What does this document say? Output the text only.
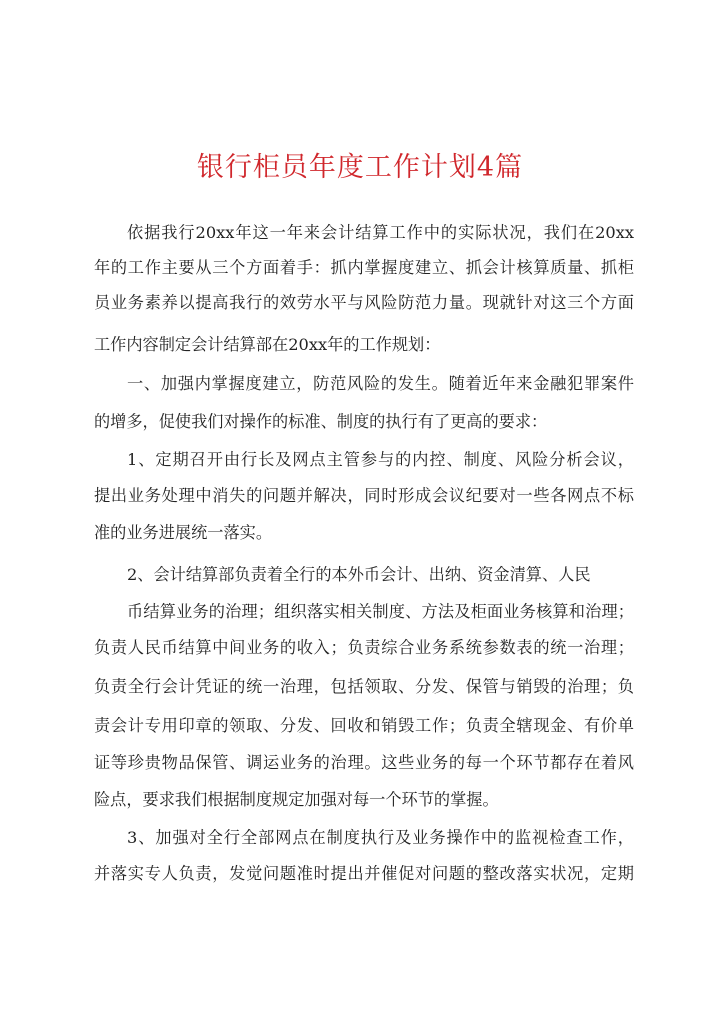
银行柜员年度工作计划4篇
依据我行20xx年这一年来会计结算工作中的实际状况，我们在20xx
年的工作主要从三个方面着手：抓内掌握度建立、抓会计核算质量、抓柜
员业务素养以提高我行的效劳水平与风险防范力量。现就针对这三个方面
工作内容制定会计结算部在20xx年的工作规划：
一、加强内掌握度建立，防范风险的发生。随着近年来金融犯罪案件
的增多，促使我们对操作的标准、制度的执行有了更高的要求：
1、定期召开由行长及网点主管参与的内控、制度、风险分析会议，
提出业务处理中消失的问题并解决，同时形成会议纪要对一些各网点不标
准的业务进展统一落实。
2、会计结算部负责着全行的本外币会计、出纳、资金清算、人民
币结算业务的治理；组织落实相关制度、方法及柜面业务核算和治理；
负责人民币结算中间业务的收入；负责综合业务系统参数表的统一治理；
负责全行会计凭证的统一治理，包括领取、分发、保管与销毁的治理；负
责会计专用印章的领取、分发、回收和销毁工作；负责全辖现金、有价单
证等珍贵物品保管、调运业务的治理。这些业务的每一个环节都存在着风
险点，要求我们根据制度规定加强对每一个环节的掌握。
3、加强对全行全部网点在制度执行及业务操作中的监视检查工作，
并落实专人负责，发觉问题准时提出并催促对问题的整改落实状况，定期
